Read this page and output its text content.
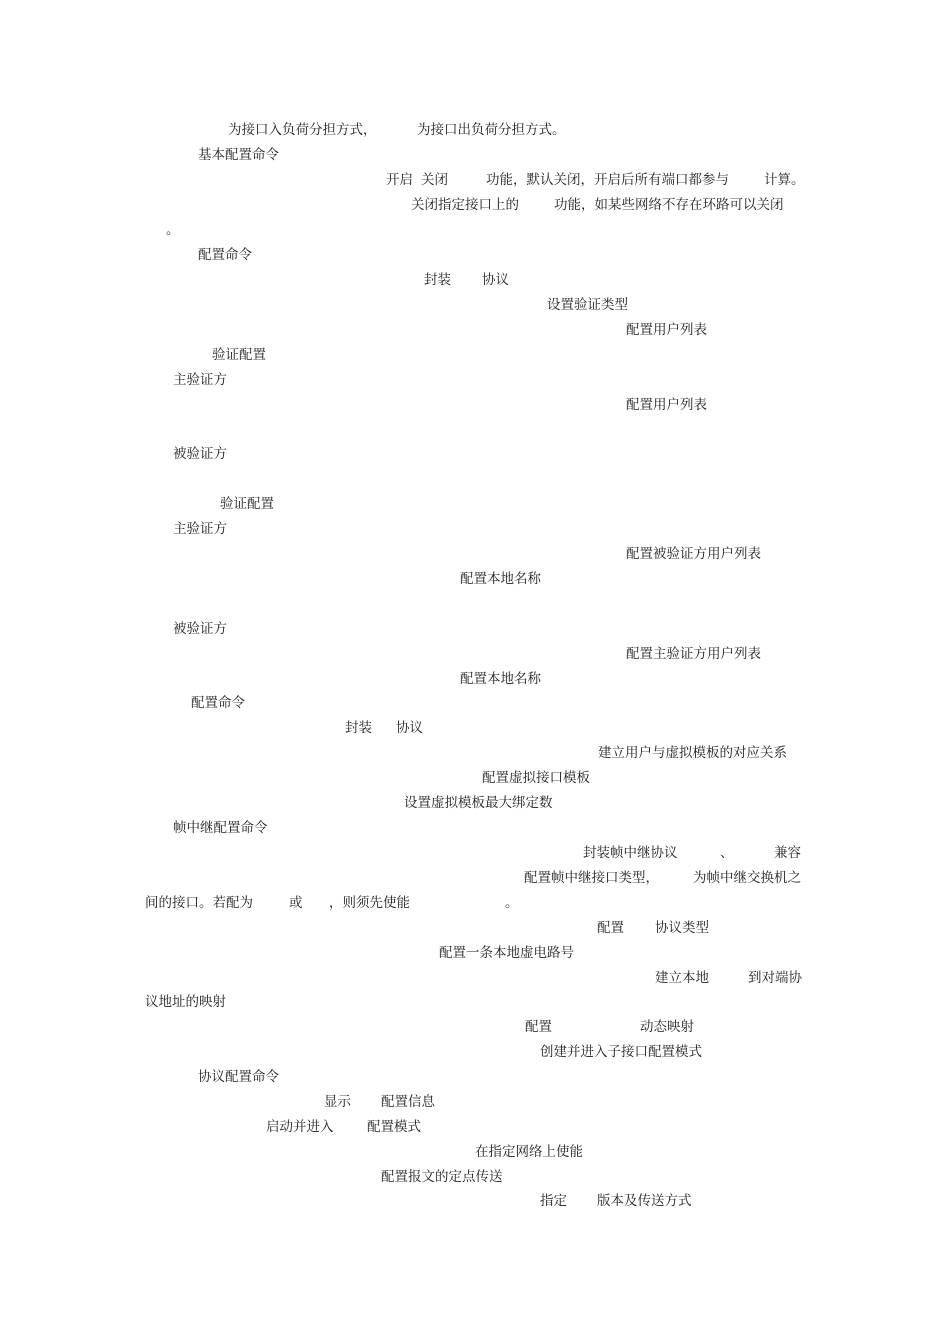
为接口入负荷分担方式，	为接口出负荷分担方式。
基本配置命令
开启 关闭	功能，默认关闭，开启后所有端口都参与	计算。
关闭指定接口上的	功能，如某些网络不存在环路可以关闭
。
配置命令
封装 协议
设置验证类型
配置用户列表
验证配置
主验证方
配置用户列表
被验证方
验证配置
主验证方
配置被验证方用户列表
配置本地名称
被验证方
配置主验证方用户列表
配置本地名称
配置命令
封装 协议
建立用户与虚拟模板的对应关系
配置虚拟接口模板
设置虚拟模板最大绑定数
帧中继配置命令
封装帧中继协议	、	兼容
配置帧中继接口类型，	为帧中继交换机之
间的接口。若配为	或 ，则须先使能	。
配置 协议类型
配置一条本地虚电路号
建立本地	到对端协
议地址的映射
配置	动态映射
创建并进入子接口配置模式
协议配置命令
显示 配置信息
启动并进入 配置模式
在指定网络上使能
配置报文的定点传送
指定 版本及传送方式
